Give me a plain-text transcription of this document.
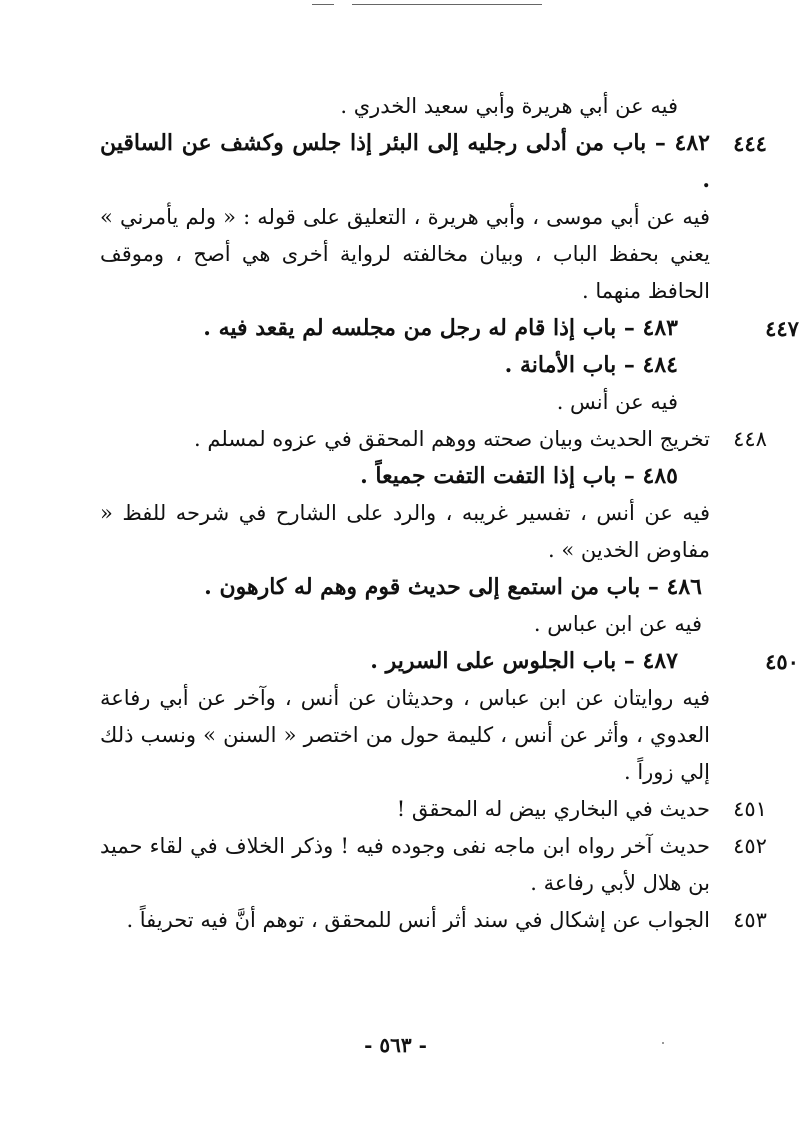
فيه عن أبي هريرة وأبي سعيد الخدري .
٤٤٤
٤٨٢ – باب من أدلى رجليه إلى البئر إذا جلس وكشف عن الساقين .
فيه عن أبي موسى ، وأبي هريرة ، التعليق على قوله : « ولم يأمرني » يعني بحفظ الباب ، وبيان مخالفته لرواية أخرى هي أصح ، وموقف الحافظ منهما .
٤٤٧
٤٨٣ – باب إذا قام له رجل من مجلسه لم يقعد فيه .
٤٨٤ – باب الأمانة .
فيه عن أنس .
٤٤٨
تخريج الحديث وبيان صحته ووهم المحقق في عزوه لمسلم .
٤٨٥ – باب إذا التفت التفت جميعاً .
فيه عن أنس ، تفسير غريبه ، والرد على الشارح في شرحه للفظ « مفاوض الخدين » .
٤٨٦ – باب من استمع إلى حديث قوم وهم له كارهون .
فيه عن ابن عباس .
٤٥٠
٤٨٧ – باب الجلوس على السرير .
فيه روايتان عن ابن عباس ، وحديثان عن أنس ، وآخر عن أبي رفاعة العدوي ، وأثر عن أنس ، كليمة حول من اختصر « السنن » ونسب ذلك إلي زوراً .
٤٥١
حديث في البخاري بيض له المحقق !
٤٥٢
حديث آخر رواه ابن ماجه نفى وجوده فيه ! وذكر الخلاف في لقاء حميد بن هلال لأبي رفاعة .
٤٥٣
الجواب عن إشكال في سند أثر أنس للمحقق ، توهم أنَّ فيه تحريفاً .
- ٥٦٣ -
